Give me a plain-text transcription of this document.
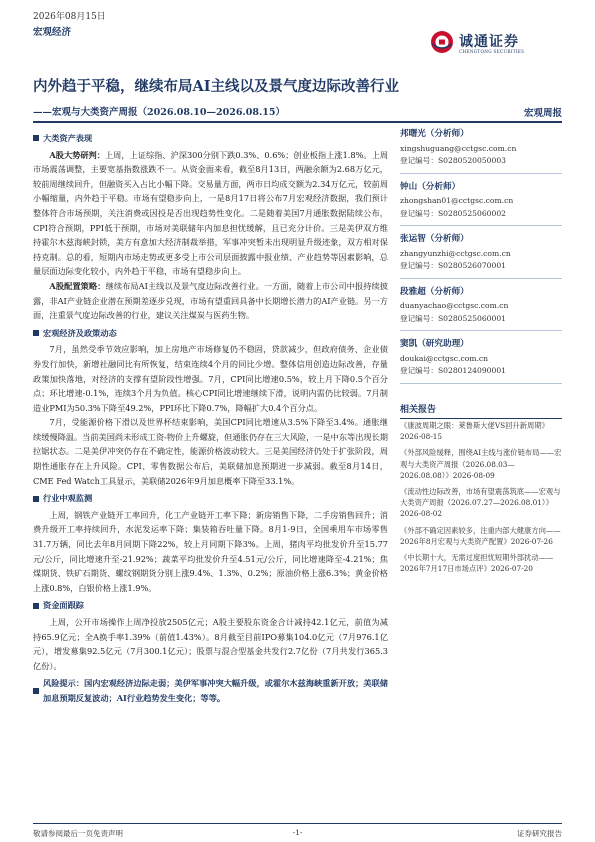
2026年08月15日
宏观经济
诚通证券
CHENGTONG SECURITIES
内外趋于平稳，继续布局AI主线以及景气度边际改善行业
——宏观与大类资产周报（2026.08.10—2026.08.15）	宏观周报
大类资产表现

A股大势研判：上周，上证综指、沪深300分别下跌0.3%、0.6%；创业板指上涨1.8%。上周市场震荡调整，主要宽基指数涨跌不一。从资金面来看，截至8月13日，两融余额为2.68万亿元，较前周继续回升，但融资买入占比小幅下降。交易量方面，两市日均成交额为2.34万亿元，较前周小幅缩量，内外趋于平稳。市场有望稳步向上，一是8月17日将公布7月宏观经济数据，我们预计整体符合市场预期，关注消费或因投是否出现趋势性变化。二是随着美国7月通胀数据陆续公布，CPI符合预期，PPI低于预期，市场对美联储年内加息担忧缓解，且已充分计价。三是美伊双方维持霍尔木兹海峡封锁，美方有意加大经济制裁举措，军事冲突暂未出现明显升级迹象，双方相对保持克制。总的看，短期内市场走势或更多受上市公司层面披露中报业绩、产业趋势等因素影响，总量层面边际变化较小，内外趋于平稳，市场有望稳步向上。

A股配置策略：继续布局AI主线以及景气度边际改善行业。一方面，随着上市公司中报持续披露，非AI产业链企业潜在预期差逐步兑现，市场有望重回具备中长期增长潜力的AI产业链。另一方面，注重景气度边际改善的行业，建议关注煤炭与医药生物。

宏观经济及政策动态

7月，虽然受季节效应影响，加上房地产市场修复仍不稳固，贷款减少，但政府债务、企业债券发行加快，新增社融同比有所恢复，结束连续4个月的同比少增。整体信用创造边际改善，存量政策加快落地，对经济的支撑有望阶段性增强。7月，CPI同比增速0.5%，较上月下降0.5个百分点；环比增速-0.1%，连续3个月为负值。核心CPI同比增速继续下滑，说明内需仍比较弱。7月制造业PMI为50.3%下降至49.2%，PPI环比下降0.7%，降幅扩大0.4个百分点。

7月，受能源价格下滑以及世界杯结束影响，美国CPI同比增速从3.5%下降至3.4%。通胀继续缓慢降温。当前美国尚未形成工资-物价上升螺旋，但通胀仍存在三大风险，一是中东等出现长期拉锯状态。二是美伊冲突仍存在不确定性，能源价格波动较大。三是美国经济仍处于扩张阶段，周期性通胀存在上升风险。CPI、零售数据公布后，美联储加息预期进一步减弱。截至8月14日，CME Fed Watch工具显示，美联储2026年9月加息概率下降至33.1%。

行业中观监测

上周，钢铁产业链开工率回升，化工产业链开工率下降；新房销售下降，二手房销售回升；消费升级开工率持续回升，水泥发运率下降；集装箱吞吐量下降。8月1-9日，全国乘用车市场零售31.7万辆，同比去年8月同期下降22%，较上月同期下降3%。上周，猪肉平均批发价升至15.77元/公斤，同比增速升至-21.92%；蔬菜平均批发价升至4.51元/公斤，同比增速降至-4.21%；焦煤期货、铁矿石期货、螺纹钢期货分别上涨9.4%、1.3%、0.2%；原油价格上涨6.3%；黄金价格上涨0.8%，白银价格上涨1.9%。

资金面跟踪

上周，公开市场操作上周净投放2505亿元；A股主要股东资金合计减持42.1亿元，前值为减持65.9亿元；全A换手率1.39%（前值1.43%）。8月截至目前IPO募集104.0亿元（7月976.1亿元），增发募集92.5亿元（7月300.1亿元）；股票与混合型基金共发行2.7亿份（7月共发行365.3亿份）。

风险提示：国内宏观经济边际走弱；美伊军事冲突大幅升级，或霍尔木兹海峡重新开放；美联储加息预期反复波动；AI行业趋势发生变化；等等。
邦曙光（分析师）
xingshuguang@cctgsc.com.cn
登记编号：S0280520050003
钟山（分析师）
zhongshan01@cctgsc.com.cn
登记编号：S0280525060002
张运智（分析师）
zhangyunzhi@cctgsc.com.cn
登记编号：S0280526070001
段雅超（分析师）
duanyachao@cctgsc.com.cn
登记编号：S0280525060001
窦凯（研究助理）
doukai@cctgsc.com.cn
登记编号：S0280124090001
相关报告
《康波周期之眼：莱鲁斯大佬VS回升新周期》2026-08-15
《外部风险缓释，围绕AI主线与涨价链布局——宏观与大类资产周报（2026.08.03—2026.08.08）》2026-08-09
《流动性边际改善，市场有望震荡筑底——宏观与大类资产周报（2026.07.27—2026.08.01）》2026-08-02
《外部不确定因素较多，注重内部大健康方向——2026年8月宏观与大类资产配置》2026-07-26
《中长期十大，无需过度担忧短期外部扰动——2026年7月17日市场点评》2026-07-20
敬请参阅最后一页免责声明	-1-	证券研究报告
